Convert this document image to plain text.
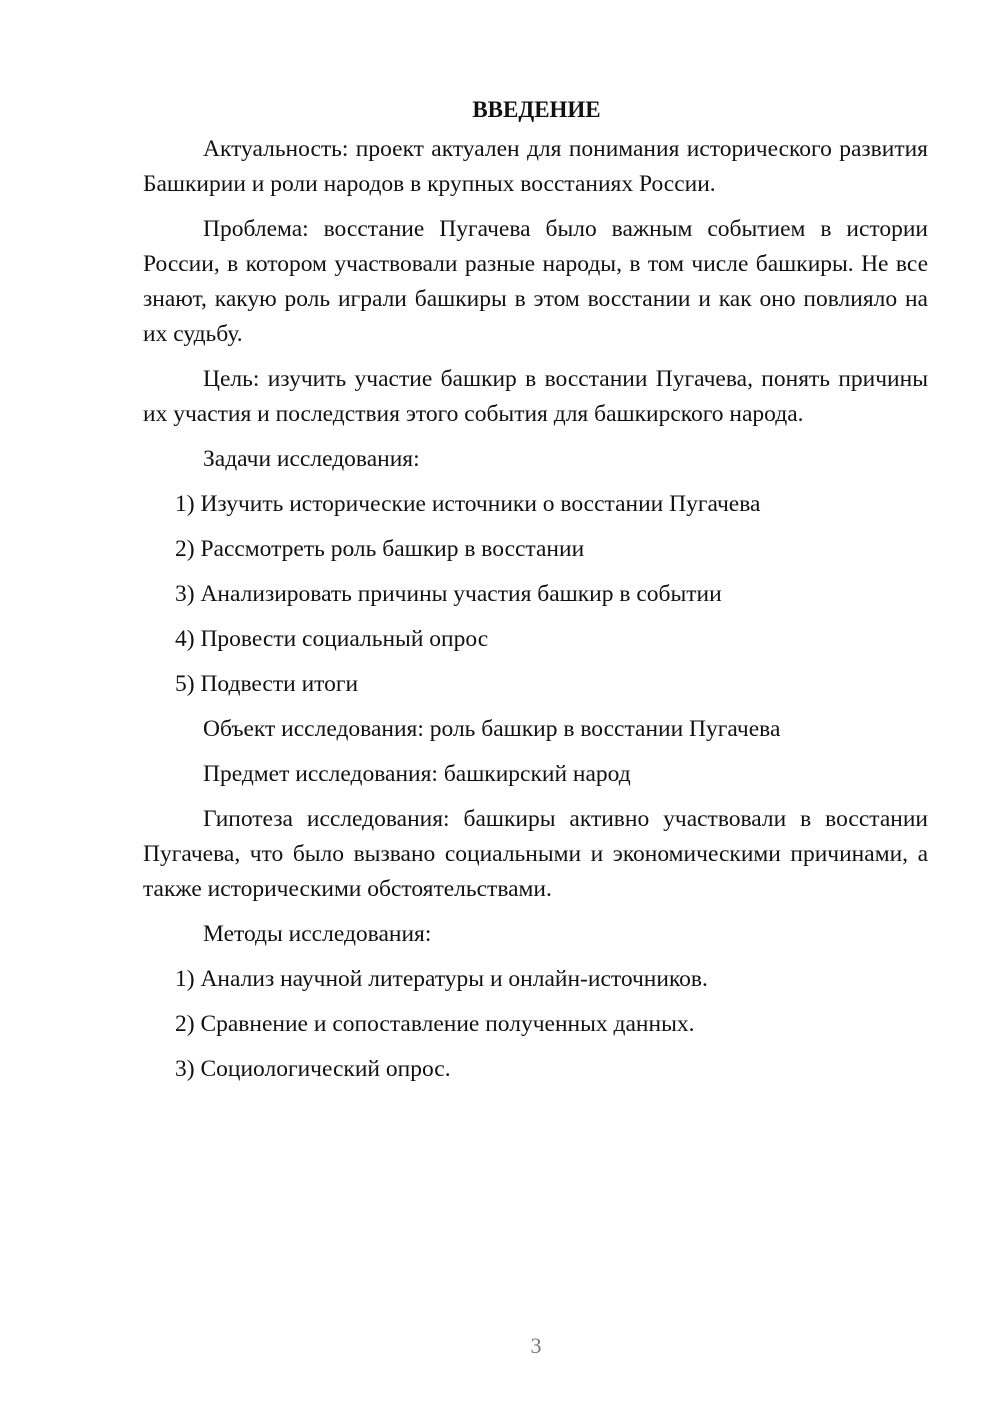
ВВЕДЕНИЕ

Актуальность: проект актуален для понимания исторического развития Башкирии и роли народов в крупных восстаниях России.

Проблема: восстание Пугачева было важным событием в истории России, в котором участвовали разные народы, в том числе башкиры. Не все знают, какую роль играли башкиры в этом восстании и как оно повлияло на их судьбу.

Цель: изучить участие башкир в восстании Пугачева, понять причины их участия и последствия этого события для башкирского народа.

Задачи исследования:

1) Изучить исторические источники о восстании Пугачева
2) Рассмотреть роль башкир в восстании
3) Анализировать причины участия башкир в событии
4) Провести социальный опрос
5) Подвести итоги

Объект исследования: роль башкир в восстании Пугачева

Предмет исследования: башкирский народ

Гипотеза исследования: башкиры активно участвовали в восстании Пугачева, что было вызвано социальными и экономическими причинами, а также историческими обстоятельствами.

Методы исследования:

1) Анализ научной литературы и онлайн-источников.
2) Сравнение и сопоставление полученных данных.
3) Социологический опрос.
3
